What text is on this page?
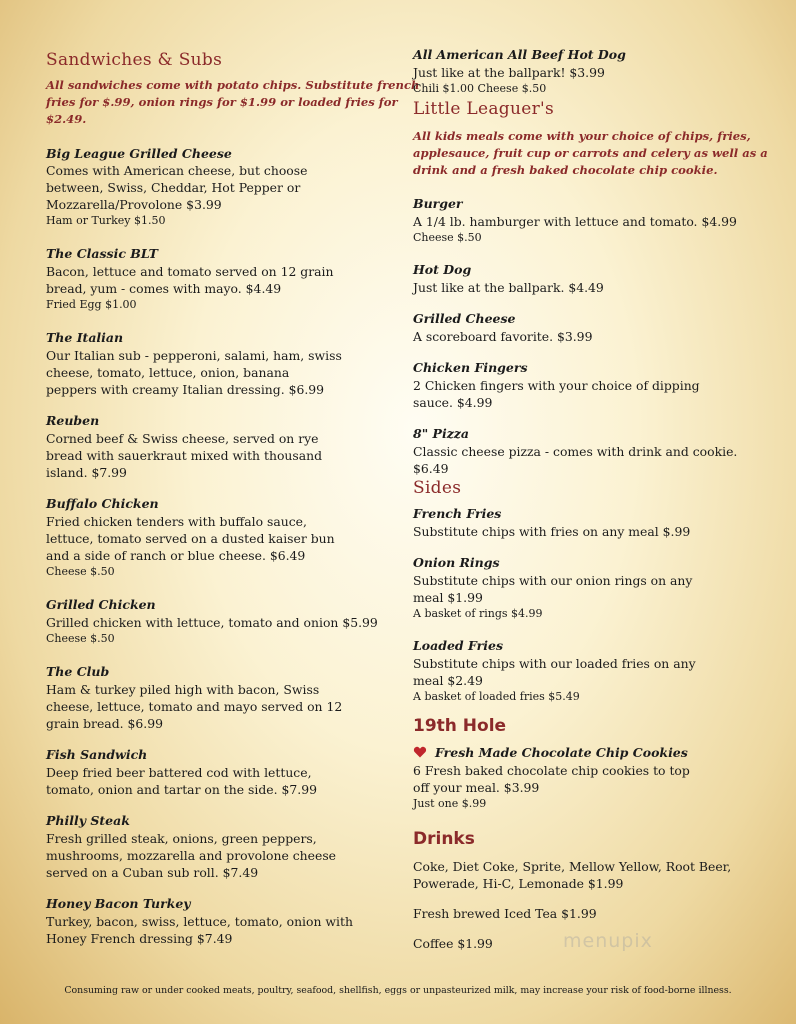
Sandwiches & Subs
All sandwiches come with potato chips. Substitute french
fries for $.99, onion rings for $1.99 or loaded fries for
$2.49.
Big League Grilled Cheese
Comes with American cheese, but choose
between, Swiss, Cheddar, Hot Pepper or
Mozzarella/Provolone $3.99
Ham or Turkey $1.50
The Classic BLT
Bacon, lettuce and tomato served on 12 grain
bread, yum - comes with mayo. $4.49
Fried Egg $1.00
The Italian
Our Italian sub - pepperoni, salami, ham, swiss
cheese, tomato, lettuce, onion, banana
peppers with creamy Italian dressing. $6.99
Reuben
Corned beef & Swiss cheese, served on rye
bread with sauerkraut mixed with thousand
island. $7.99
Buffalo Chicken
Fried chicken tenders with buffalo sauce,
lettuce, tomato served on a dusted kaiser bun
and a side of ranch or blue cheese. $6.49
Cheese $.50
Grilled Chicken
Grilled chicken with lettuce, tomato and onion $5.99
Cheese $.50
The Club
Ham & turkey piled high with bacon, Swiss
cheese, lettuce, tomato and mayo served on 12
grain bread. $6.99
Fish Sandwich
Deep fried beer battered cod with lettuce,
tomato, onion and tartar on the side. $7.99
Philly Steak
Fresh grilled steak, onions, green peppers,
mushrooms, mozzarella and provolone cheese
served on a Cuban sub roll. $7.49
Honey Bacon Turkey
Turkey, bacon, swiss, lettuce, tomato, onion with
Honey French dressing $7.49
All American All Beef Hot Dog
Just like at the ballpark! $3.99
Chili $1.00 Cheese $.50
Little Leaguer's
All kids meals come with your choice of chips, fries,
applesauce, fruit cup or carrots and celery as well as a
drink and a fresh baked chocolate chip cookie.
Burger
A 1/4 lb. hamburger with lettuce and tomato. $4.99
Cheese $.50
Hot Dog
Just like at the ballpark. $4.49
Grilled Cheese
A scoreboard favorite. $3.99
Chicken Fingers
2 Chicken fingers with your choice of dipping
sauce. $4.99
8" Pizza
Classic cheese pizza - comes with drink and cookie.
$6.49
Sides
French Fries
Substitute chips with fries on any meal $.99
Onion Rings
Substitute chips with our onion rings on any
meal $1.99
A basket of rings $4.99
Loaded Fries
Substitute chips with our loaded fries on any
meal $2.49
A basket of loaded fries $5.49
19th Hole
Fresh Made Chocolate Chip Cookies
6 Fresh baked chocolate chip cookies to top
off your meal. $3.99
Just one $.99
Drinks
Coke, Diet Coke, Sprite, Mellow Yellow, Root Beer,
Powerade, Hi-C, Lemonade $1.99
Fresh brewed Iced Tea $1.99
Coffee $1.99	menupix
Consuming raw or under cooked meats, poultry, seafood, shellfish, eggs or unpasteurized milk, may increase your risk of food-borne illness.
